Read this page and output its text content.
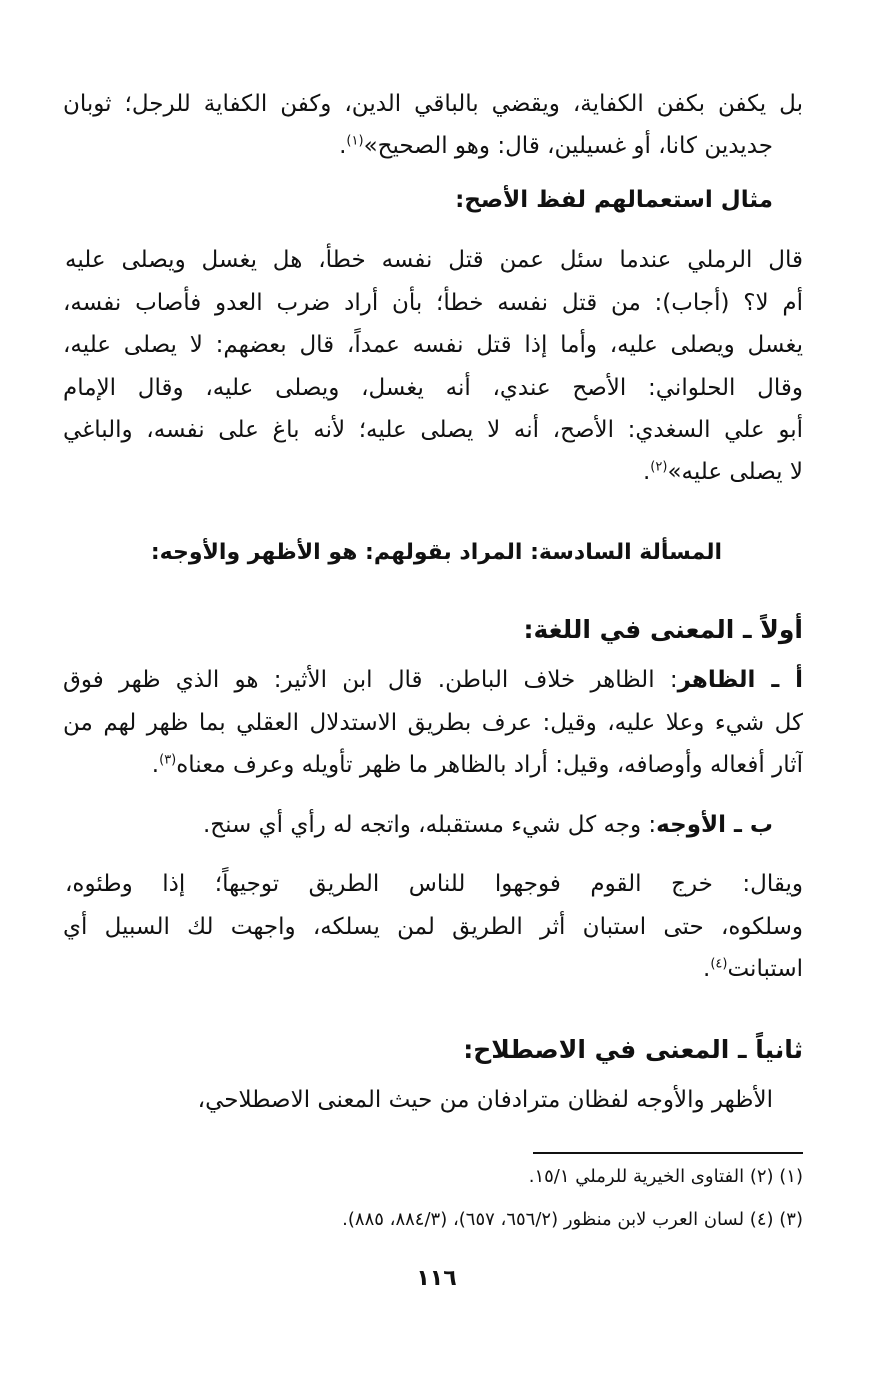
بل يكفن بكفن الكفاية، ويقضي بالباقي الدين، وكفن الكفاية للرجل؛ ثوبان
جديدين كانا، أو غسيلين، قال: وهو الصحيح»$^{(١)}$.
مثال استعمالهم لفظ الأصح:
قال الرملي عندما سئل عمن قتل نفسه خطأ، هل يغسل ويصلى عليه
أم لا؟ (أجاب): من قتل نفسه خطأ؛ بأن أراد ضرب العدو فأصاب نفسه،
يغسل ويصلى عليه، وأما إذا قتل نفسه عمداً، قال بعضهم: لا يصلى عليه،
وقال الحلواني: الأصح عندي، أنه يغسل، ويصلى عليه، وقال الإمام
أبو علي السغدي: الأصح، أنه لا يصلى عليه؛ لأنه باغ على نفسه، والباغي
لا يصلى عليه»$^{(٢)}$.
المسألة السادسة: المراد بقولهم: هو الأظهر والأوجه:
أولاً ـ المعنى في اللغة:
أ ـ الظاهر: الظاهر خلاف الباطن. قال ابن الأثير: هو الذي ظهر فوق
كل شيء وعلا عليه، وقيل: عرف بطريق الاستدلال العقلي بما ظهر لهم من
آثار أفعاله وأوصافه، وقيل: أراد بالظاهر ما ظهر تأويله وعرف معناه$^{(٣)}$.
ب ـ الأوجه: وجه كل شيء مستقبله، واتجه له رأي أي سنح.
ويقال: خرج القوم فوجهوا للناس الطريق توجيهاً؛ إذا وطئوه،
وسلكوه، حتى استبان أثر الطريق لمن يسلكه، واجهت لك السبيل أي
استبانت$^{(٤)}$.
ثانياً ـ المعنى في الاصطلاح:
الأظهر والأوجه لفظان مترادفان من حيث المعنى الاصطلاحي،
(١) (٢) الفتاوى الخيرية للرملي ١٥/١.
(٣) (٤) لسان العرب لابن منظور (٦٥٦/٢، ٦٥٧)، (٨٨٤/٣، ٨٨٥).
١١٦
